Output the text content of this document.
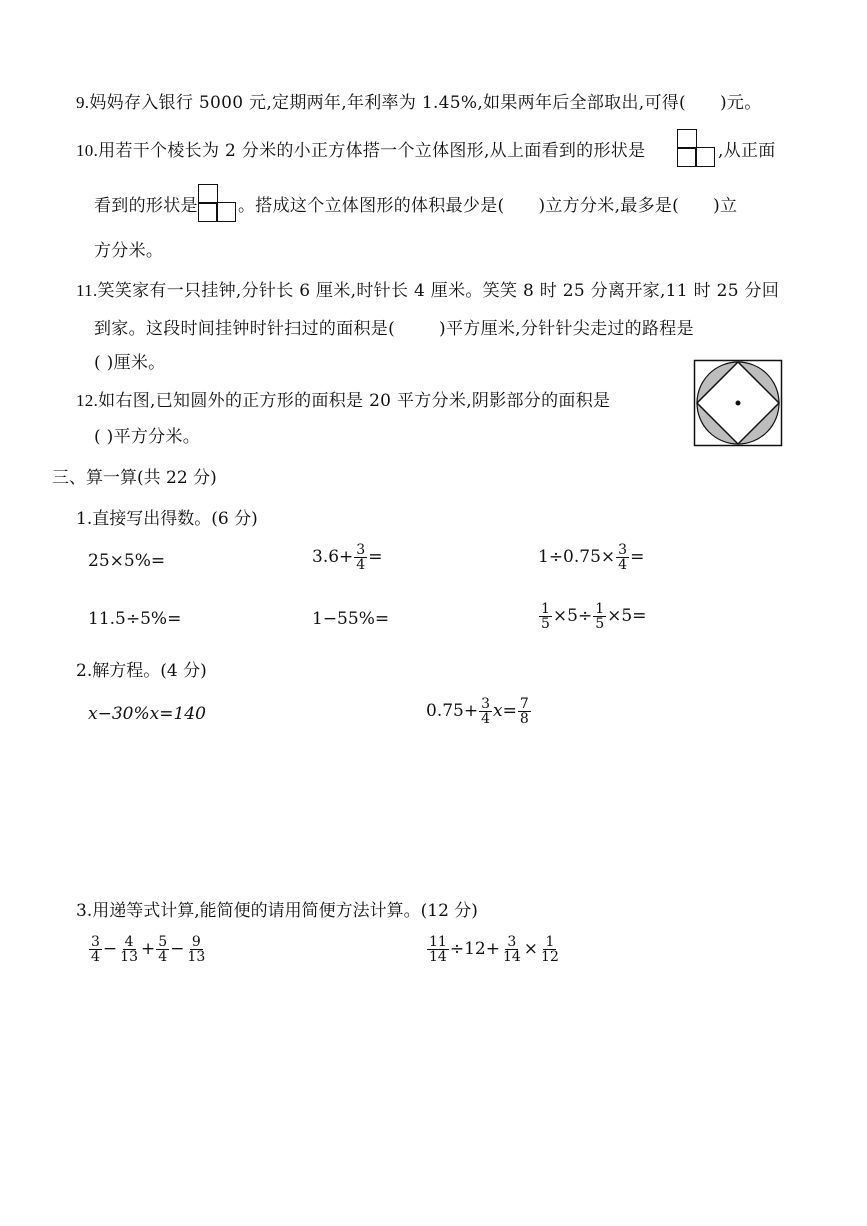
9.妈妈存入银行 5000 元,定期两年,年利率为 1.45%,如果两年后全部取出,可得( )元。
10.用若干个棱长为 2 分米的小正方体搭一个立体图形,从上面看到的形状是	,从正面
看到的形状是 。搭成这个立体图形的体积最少是( )立方分米,最多是( )立
方分米。
11.笑笑家有一只挂钟,分针长 6 厘米,时针长 4 厘米。笑笑 8 时 25 分离开家,11 时 25 分回
到家。这段时间挂钟时针扫过的面积是(	)平方厘米,分针针尖走过的路程是
( )厘米。
12.如右图,已知圆外的正方形的面积是 20 平方分米,阴影部分的面积是
( )平方分米。
三、算一算(共 22 分)
1.直接写出得数。(6 分)
25×5%=	$3.6+ \frac{3}{4}$ =	$1\div 0.75\times \frac{3}{4}$ =
11.5÷5%=	1−55%=	$\frac{1}{5} \times 5\div \frac{1}{5} \times 5=$
2.解方程。(4 分)
x−30%x=140	$0.75+ \frac{3}{4} x= \frac{7}{8}$
3.用递等式计算,能简便的请用简便方法计算。(12 分)
$\frac{3}{4} - \frac{4}{13} + \frac{5}{4} - \frac{9}{13}$	$\frac{11}{14} \div 12+ \frac{3}{14} \times \frac{1}{12}$
